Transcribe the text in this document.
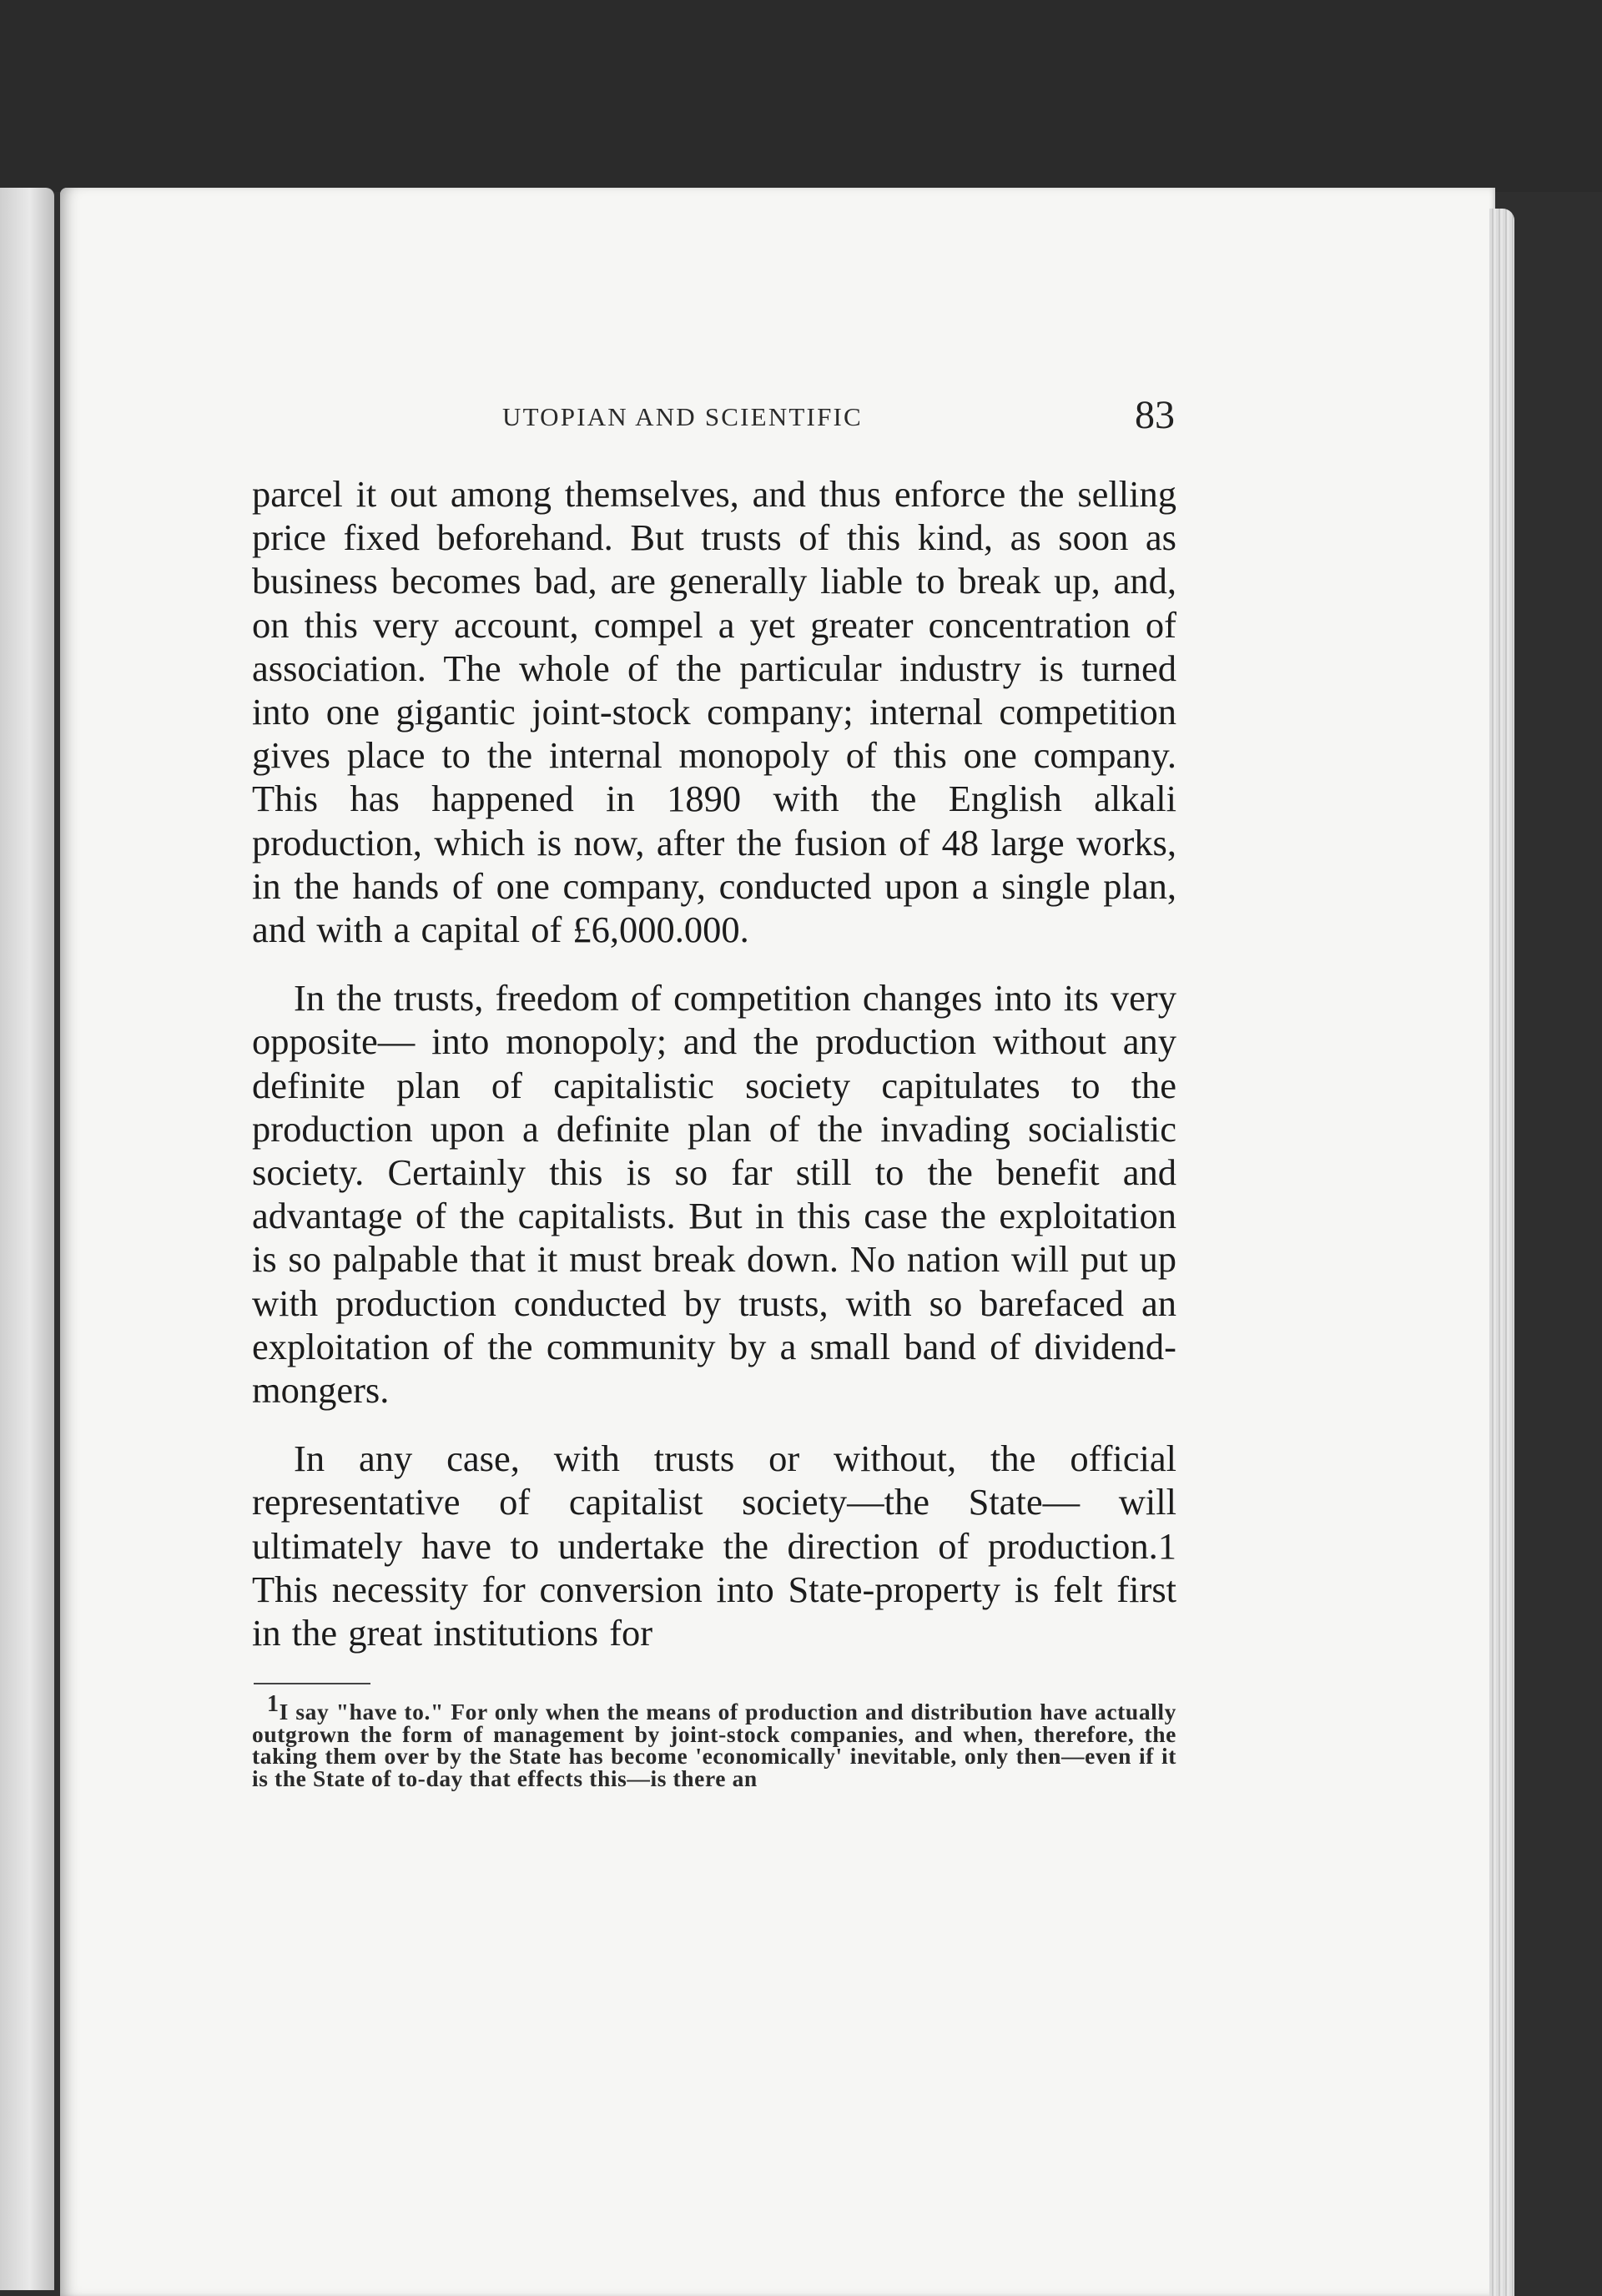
UTOPIAN AND SCIENTIFIC	83

parcel it out among themselves, and thus enforce the selling price fixed beforehand. But trusts of this kind, as soon as business becomes bad, are generally liable to break up, and, on this very account, compel a yet greater concentration of association. The whole of the particular industry is turned into one gigantic joint-stock company; internal competition gives place to the internal monopoly of this one company. This has happened in 1890 with the English alkali production, which is now, after the fusion of 48 large works, in the hands of one company, conducted upon a single plan, and with a capital of £6,000.000.

In the trusts, freedom of competition changes into its very opposite— into monopoly; and the production without any definite plan of capitalistic society capitulates to the production upon a definite plan of the invading socialistic society. Certainly this is so far still to the benefit and advantage of the capitalists. But in this case the exploitation is so palpable that it must break down. No nation will put up with production conducted by trusts, with so barefaced an exploitation of the community by a small band of dividend-mongers.

In any case, with trusts or without, the official representative of capitalist society—the State— will ultimately have to undertake the direction of production.1 This necessity for conversion into State-property is felt first in the great institutions for

1I say "have to." For only when the means of production and distribution have actually outgrown the form of management by joint-stock companies, and when, therefore, the taking them over by the State has become 'economically' inevitable, only then—even if it is the State of to-day that effects this—is there an
